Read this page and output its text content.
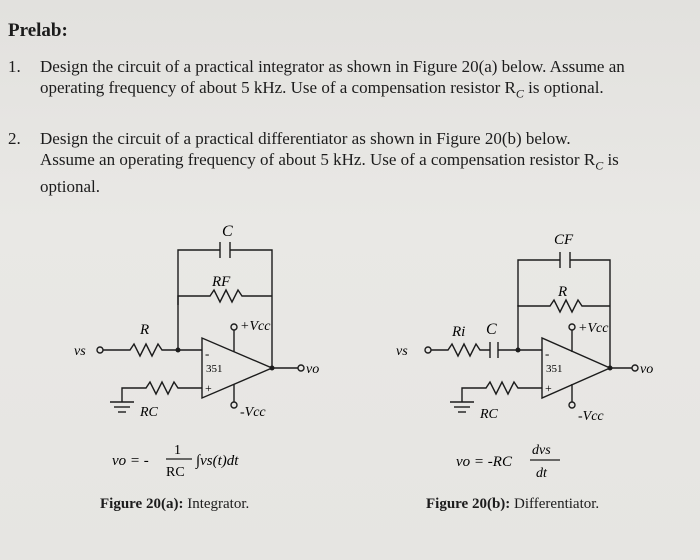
Prelab:
1. Design the circuit of a practical integrator as shown in Figure 20(a) below. Assume an
operating frequency of about 5 kHz. Use of a compensation resistor $R_C$ is optional.
2. Design the circuit of a practical differentiator as shown in Figure 20(b) below.
Assume an operating frequency of about 5 kHz. Use of a compensation resistor $R_C$ is
optional.
C
RF
R
vs
+Vcc
-Vcc
351
-
+
vo
RC
vo = -
1
RC
∫vs(t)dt
CF
R
Ri C
vs
+Vcc
-Vcc
351
-
+
vo
RC
vo = -RC
dvs
dt
Figure 20(a): Integrator.	Figure 20(b): Differentiator.
